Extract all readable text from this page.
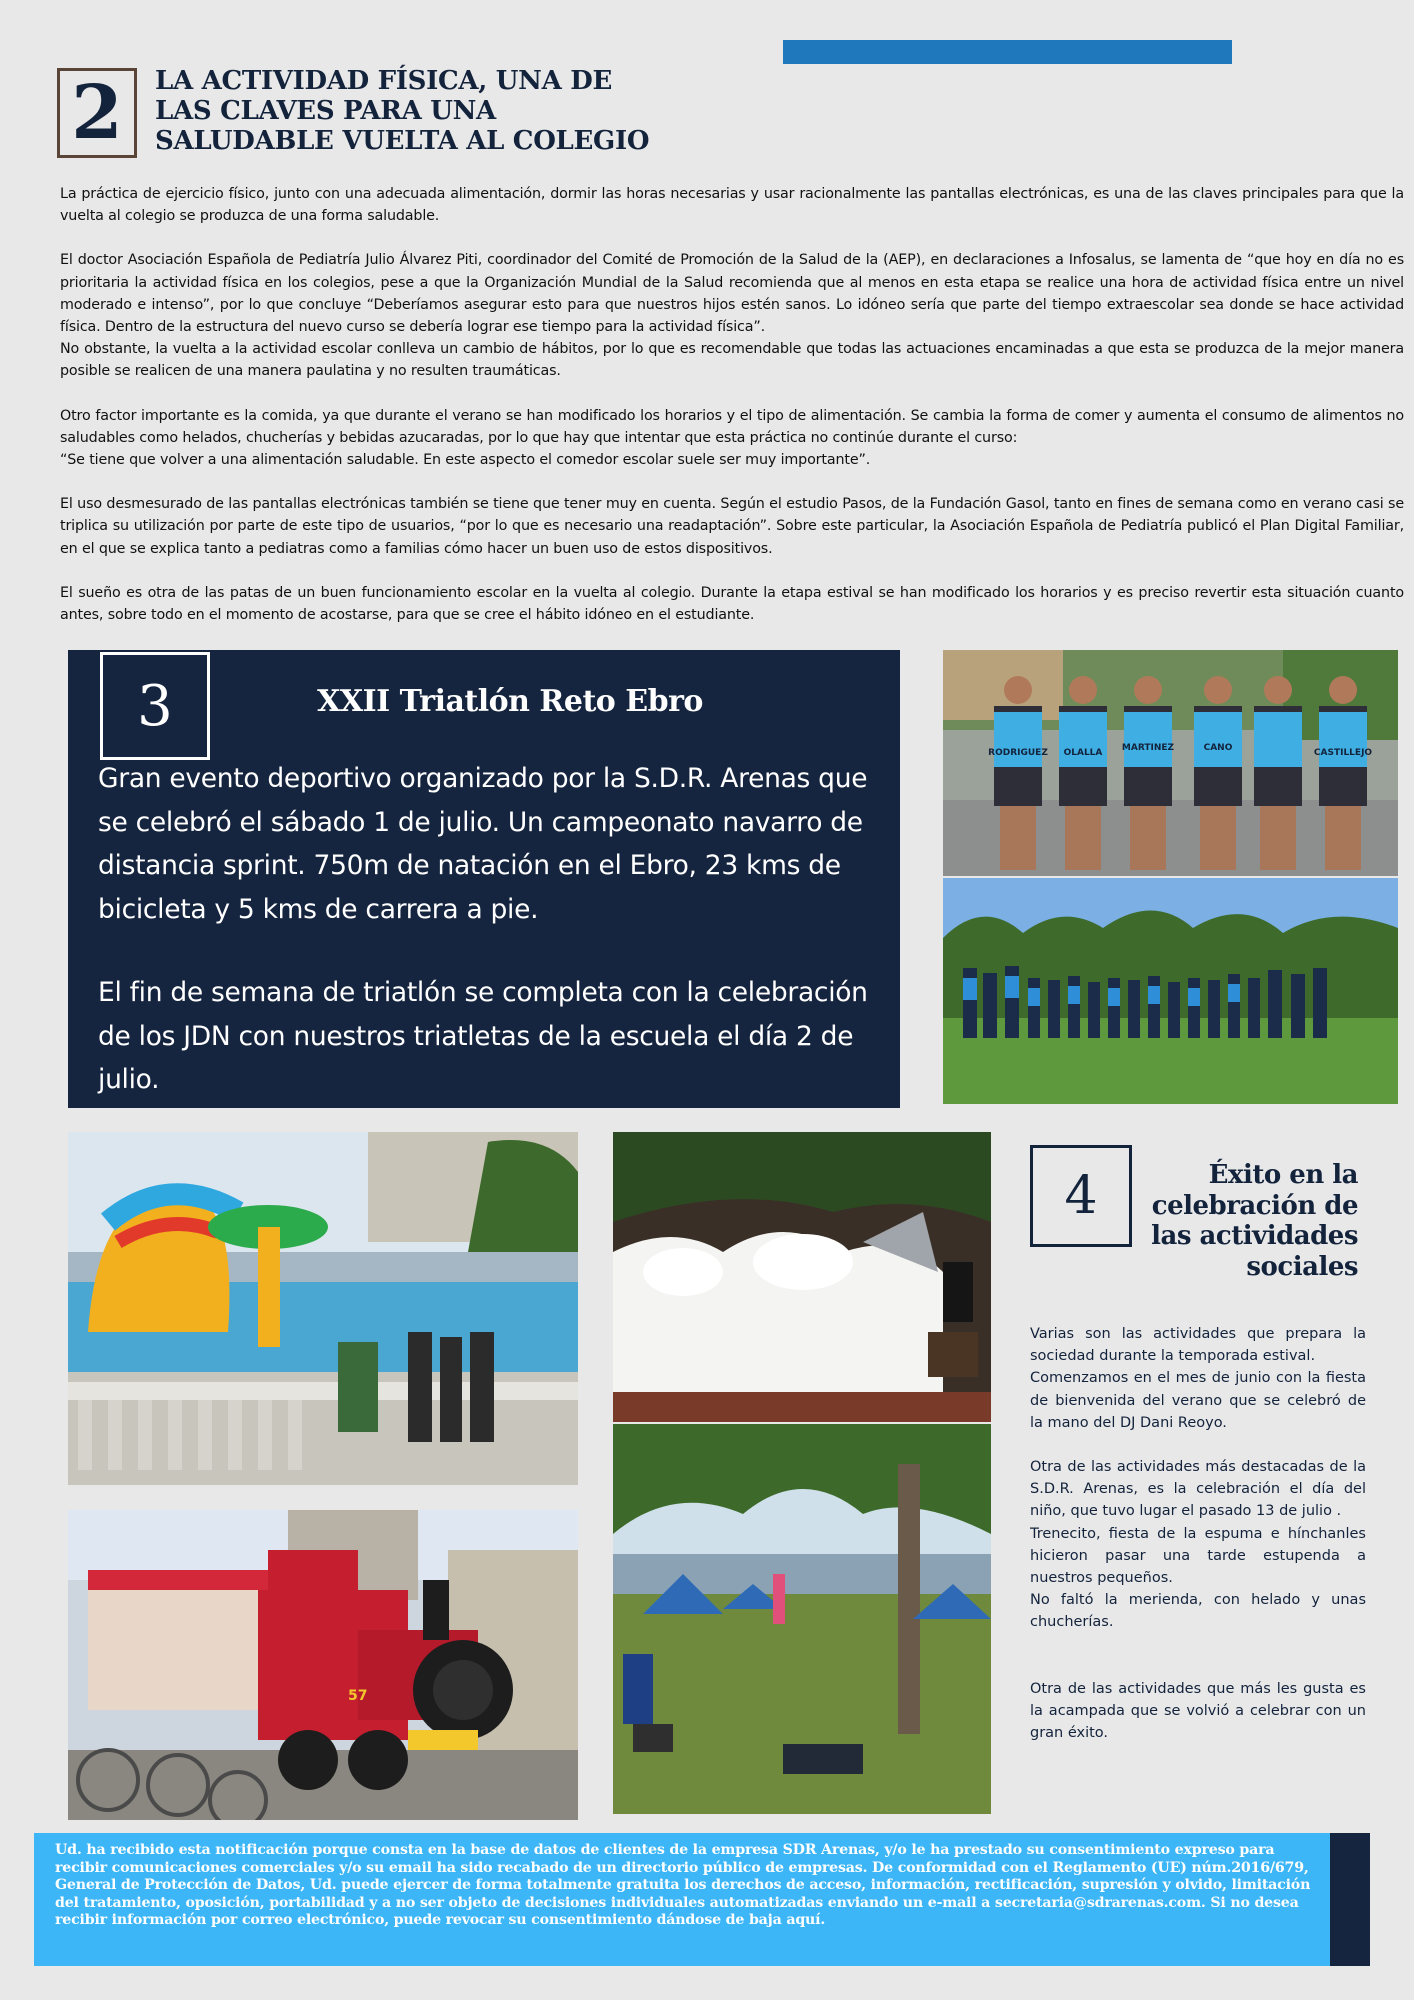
2	LA ACTIVIDAD FÍSICA, UNA DE LAS CLAVES PARA UNA SALUDABLE VUELTA AL COLEGIO

La práctica de ejercicio físico, junto con una adecuada alimentación, dormir las horas necesarias y usar racionalmente las pantallas electrónicas, es una de las claves principales para que la vuelta al colegio se produzca de una forma saludable.

El doctor Asociación Española de Pediatría Julio Álvarez Piti, coordinador del Comité de Promoción de la Salud de la (AEP), en declaraciones a Infosalus, se lamenta de “que hoy en día no es prioritaria la actividad física en los colegios, pese a que la Organización Mundial de la Salud recomienda que al menos en esta etapa se realice una hora de actividad física entre un nivel moderado e intenso”, por lo que concluye “Deberíamos asegurar esto para que nuestros hijos estén sanos. Lo idóneo sería que parte del tiempo extraescolar sea donde se hace actividad física. Dentro de la estructura del nuevo curso se debería lograr ese tiempo para la actividad física”.

No obstante, la vuelta a la actividad escolar conlleva un cambio de hábitos, por lo que es recomendable que todas las actuaciones encaminadas a que esta se produzca de la mejor manera posible se realicen de una manera paulatina y no resulten traumáticas.

Otro factor importante es la comida, ya que durante el verano se han modificado los horarios y el tipo de alimentación. Se cambia la forma de comer y aumenta el consumo de alimentos no saludables como helados, chucherías y bebidas azucaradas, por lo que hay que intentar que esta práctica no continúe durante el curso:
“Se tiene que volver a una alimentación saludable. En este aspecto el comedor escolar suele ser muy importante”.

El uso desmesurado de las pantallas electrónicas también se tiene que tener muy en cuenta. Según el estudio Pasos, de la Fundación Gasol, tanto en fines de semana como en verano casi se triplica su utilización por parte de este tipo de usuarios, “por lo que es necesario una readaptación”. Sobre este particular, la Asociación Española de Pediatría publicó el Plan Digital Familiar, en el que se explica tanto a pediatras como a familias cómo hacer un buen uso de estos dispositivos.

El sueño es otra de las patas de un buen funcionamiento escolar en la vuelta al colegio. Durante la etapa estival se han modificado los horarios y es preciso revertir esta situación cuanto antes, sobre todo en el momento de acostarse, para que se cree el hábito idóneo en el estudiante.

3	XXII Triatlón Reto Ebro

Gran evento deportivo organizado por la S.D.R. Arenas que se celebró el sábado 1 de julio. Un campeonato navarro de distancia sprint. 750m de natación en el Ebro, 23 kms de bicicleta y 5 kms de carrera a pie.

El fin de semana de triatlón se completa con la celebración de los JDN con nuestros triatletas de la escuela el día 2 de julio.

RODRIGUEZ OLALLA MARTINEZ	CANO	CASTILLEJO
57
4	Éxito en la celebración de las actividades sociales

Varias son las actividades que prepara la sociedad durante la temporada estival.
Comenzamos en el mes de junio con la fiesta de bienvenida del verano que se celebró de la mano del DJ Dani Reoyo.

Otra de las actividades más destacadas de la S.D.R. Arenas, es la celebración el día del niño, que tuvo lugar el pasado 13 de julio .
Trenecito, fiesta de la espuma e hínchanles hicieron pasar una tarde estupenda a nuestros pequeños.
No faltó la merienda, con helado y unas chucherías.

Otra de las actividades que más les gusta es la acampada que se volvió a celebrar con un gran éxito.

Ud. ha recibido esta notificación porque consta en la base de datos de clientes de la empresa SDR Arenas, y/o le ha prestado su consentimiento expreso para recibir comunicaciones comerciales y/o su email ha sido recabado de un directorio público de empresas. De conformidad con el Reglamento (UE) núm.2016/679, General de Protección de Datos, Ud. puede ejercer de forma totalmente gratuita los derechos de acceso, información, rectificación, supresión y olvido, limitación del tratamiento, oposición, portabilidad y a no ser objeto de decisiones individuales automatizadas enviando un e-mail a secretaria@sdrarenas.com. Si no desea recibir información por correo electrónico, puede revocar su consentimiento dándose de baja aquí.
